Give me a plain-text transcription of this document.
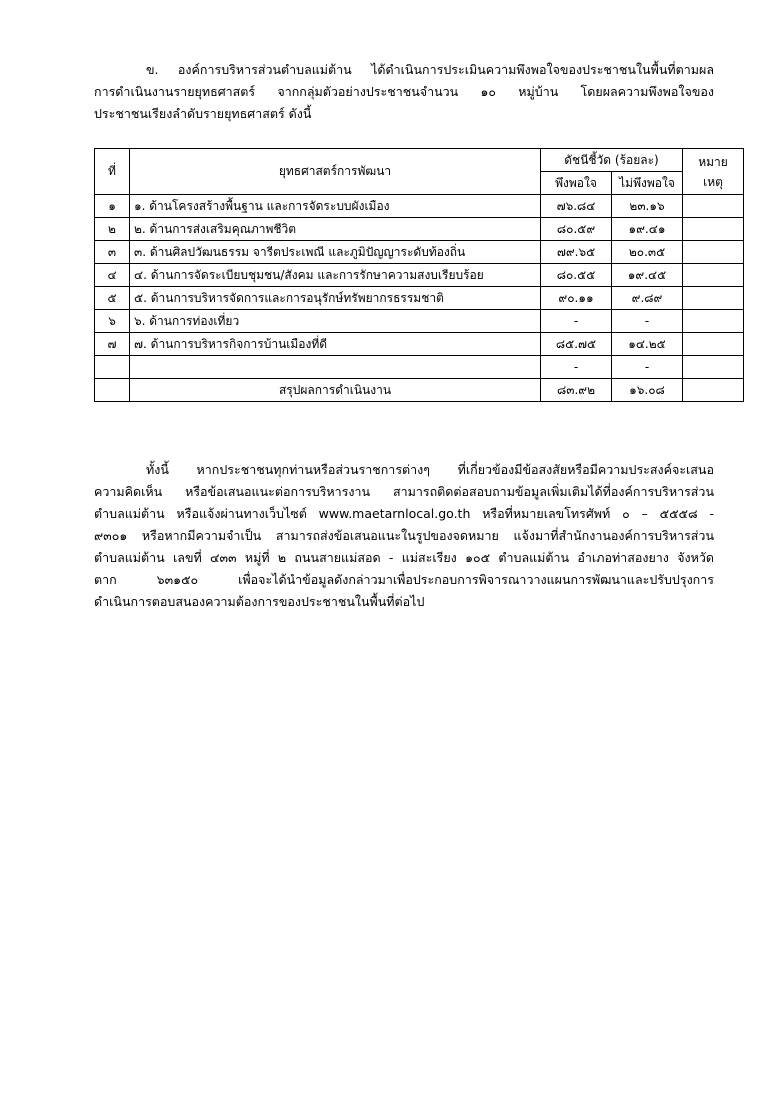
ข. องค์การบริหารส่วนตำบลแม่ต้าน ได้ดำเนินการประเมินความพึงพอใจของประชาชนในพื้นที่ตามผล
การดำเนินงานรายยุทธศาสตร์ จากกลุ่มตัวอย่างประชาชนจำนวน ๑๐ หมู่บ้าน โดยผลความพึงพอใจของ
ประชาชนเรียงลำดับรายยุทธศาสตร์ ดังนี้
ที่	ยุทธศาสตร์การพัฒนา	ดัชนีชี้วัด (ร้อยละ)		หมาย
เหตุ
		พึงพอใจ	ไม่พึงพอใจ	
๑	๑. ด้านโครงสร้างพื้นฐาน และการจัดระบบผังเมือง	๗๖.๘๔	๒๓.๑๖	
๒	๒. ด้านการส่งเสริมคุณภาพชีวิต	๘๐.๕๙	๑๙.๔๑	
๓	๓. ด้านศิลปวัฒนธรรม จารีตประเพณี และภูมิปัญญาระดับท้องถิ่น	๗๙.๖๕	๒๐.๓๕	
๔	๔. ด้านการจัดระเบียบชุมชน/สังคม และการรักษาความสงบเรียบร้อย	๘๐.๕๕	๑๙.๔๕	
๕	๕. ด้านการบริหารจัดการและการอนุรักษ์ทรัพยากรธรรมชาติ	๙๐.๑๑	๙.๘๙	
๖	๖. ด้านการท่องเที่ยว	-	-	
๗	๗. ด้านการบริหารกิจการบ้านเมืองที่ดี	๘๕.๗๕	๑๔.๒๕	
		-	-	
	สรุปผลการดำเนินงาน	๘๓.๙๒	๑๖.๐๘	
ทั้งนี้ หากประชาชนทุกท่านหรือส่วนราชการต่างๆ ที่เกี่ยวข้องมีข้อสงสัยหรือมีความประสงค์จะเสนอ
ความคิดเห็น หรือข้อเสนอแนะต่อการบริหารงาน สามารถติดต่อสอบถามข้อมูลเพิ่มเติมได้ที่องค์การบริหารส่วน
ตำบลแม่ต้าน หรือแจ้งผ่านทางเว็บไซต์ www.maetarnlocal.go.th หรือที่หมายเลขโทรศัพท์ ๐ – ๕๕๕๘ -
๙๓๐๑ หรือหากมีความจำเป็น สามารถส่งข้อเสนอแนะในรูปของจดหมาย แจ้งมาที่สำนักงานองค์การบริหารส่วน
ตำบลแม่ต้าน เลขที่ ๔๓๓ หมู่ที่ ๒ ถนนสายแม่สอด - แม่สะเรียง ๑๐๕ ตำบลแม่ต้าน อำเภอท่าสองยาง จังหวัด
ตาก ๖๓๑๕๐ เพื่อจะได้นำข้อมูลดังกล่าวมาเพื่อประกอบการพิจารณาวางแผนการพัฒนาและปรับปรุงการ
ดำเนินการตอบสนองความต้องการของประชาชนในพื้นที่ต่อไป
